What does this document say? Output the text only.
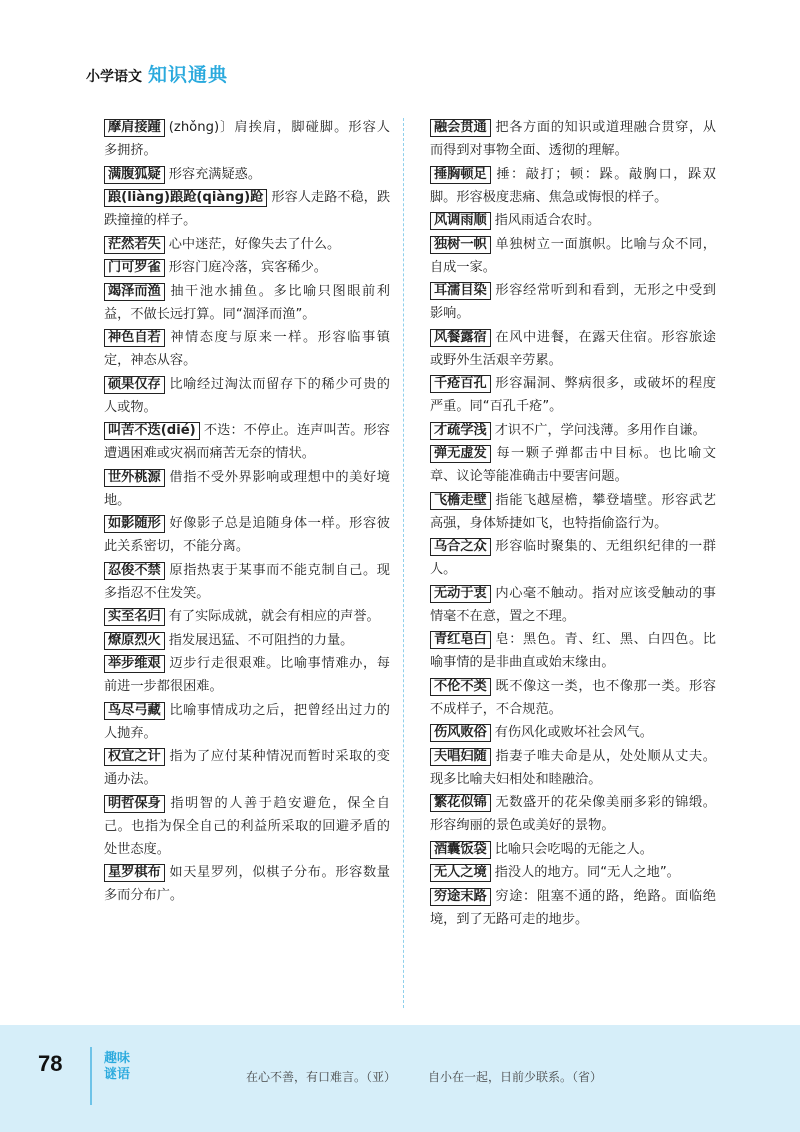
小学语文 知识通典
摩肩接踵 (zhǒng)〕肩挨肩，脚碰脚。形容人多拥挤。
满腹狐疑 形容充满疑惑。
踉(liàng)踉跄(qiàng)跄 形容人走路不稳，跌跌撞撞的样子。
茫然若失 心中迷茫，好像失去了什么。
门可罗雀 形容门庭冷落，宾客稀少。
竭泽而渔 抽干池水捕鱼。多比喻只图眼前利益，不做长远打算。同“涸泽而渔”。
神色自若 神情态度与原来一样。形容临事镇定，神态从容。
硕果仅存 比喻经过淘汰而留存下的稀少可贵的人或物。
叫苦不迭(dié) 不迭：不停止。连声叫苦。形容遭遇困难或灾祸而痛苦无奈的情状。
世外桃源 借指不受外界影响或理想中的美好境地。
如影随形 好像影子总是追随身体一样。形容彼此关系密切，不能分离。
忍俊不禁 原指热衷于某事而不能克制自己。现多指忍不住发笑。
实至名归 有了实际成就，就会有相应的声誉。
燎原烈火 指发展迅猛、不可阻挡的力量。
举步维艰 迈步行走很艰难。比喻事情难办，每前进一步都很困难。
鸟尽弓藏 比喻事情成功之后，把曾经出过力的人抛弃。
权宜之计 指为了应付某种情况而暂时采取的变通办法。
明哲保身 指明智的人善于趋安避危，保全自己。也指为保全自己的利益所采取的回避矛盾的处世态度。
星罗棋布 如天星罗列，似棋子分布。形容数量多而分布广。
融会贯通 把各方面的知识或道理融合贯穿，从而得到对事物全面、透彻的理解。
捶胸顿足 捶：敲打；顿：跺。敲胸口，跺双脚。形容极度悲痛、焦急或悔恨的样子。
风调雨顺 指风雨适合农时。
独树一帜 单独树立一面旗帜。比喻与众不同，自成一家。
耳濡目染 形容经常听到和看到，无形之中受到影响。
风餐露宿 在风中进餐，在露天住宿。形容旅途或野外生活艰辛劳累。
千疮百孔 形容漏洞、弊病很多，或破坏的程度严重。同“百孔千疮”。
才疏学浅 才识不广，学问浅薄。多用作自谦。
弹无虚发 每一颗子弹都击中目标。也比喻文章、议论等能准确击中要害问题。
飞檐走壁 指能飞越屋檐，攀登墙壁。形容武艺高强，身体矫捷如飞，也特指偷盗行为。
乌合之众 形容临时聚集的、无组织纪律的一群人。
无动于衷 内心毫不触动。指对应该受触动的事情毫不在意，置之不理。
青红皂白 皂：黑色。青、红、黑、白四色。比喻事情的是非曲直或始末缘由。
不伦不类 既不像这一类，也不像那一类。形容不成样子，不合规范。
伤风败俗 有伤风化或败坏社会风气。
夫唱妇随 指妻子唯夫命是从，处处顺从丈夫。现多比喻夫妇相处和睦融洽。
繁花似锦 无数盛开的花朵像美丽多彩的锦缎。形容绚丽的景色或美好的景物。
酒囊饭袋 比喻只会吃喝的无能之人。
无人之境 指没人的地方。同“无人之地”。
穷途末路 穷途：阻塞不通的路，绝路。面临绝境，到了无路可走的地步。
78	趣味谜语	在心不善，有口难言。（亚）	自小在一起，日前少联系。（省）
